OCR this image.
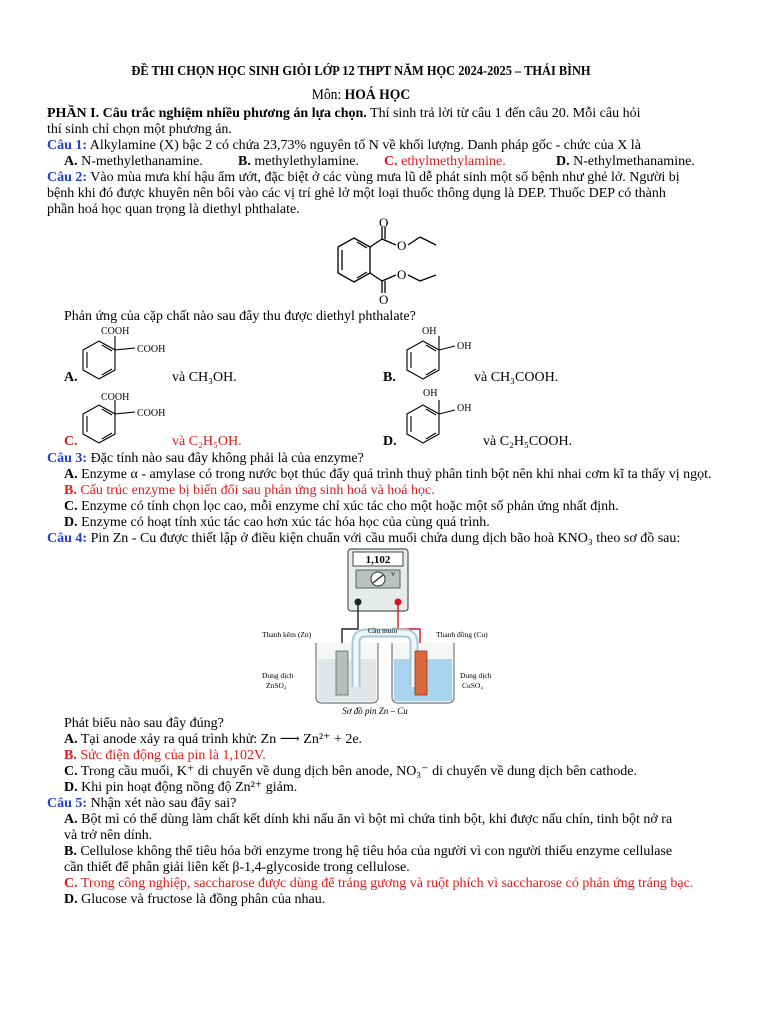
ĐỀ THI CHỌN HỌC SINH GIỎI LỚP 12 THPT NĂM HỌC 2024-2025 – THÁI BÌNH
Môn: HOÁ HỌC
PHẦN I. Câu trắc nghiệm nhiều phương án lựa chọn. Thí sinh trả lời từ câu 1 đến câu 20. Mỗi câu hỏi
thí sinh chỉ chọn một phương án.
Câu 1: Alkylamine (X) bậc 2 có chứa 23,73% nguyên tố N về khối lượng. Danh pháp gốc - chức của X là
A. N-methylethanamine.	B. methylethylamine. C. ethylmethylamine.	D. N-ethylmethanamine.
Câu 2: Vào mùa mưa khí hậu ẩm ướt, đặc biệt ở các vùng mưa lũ dễ phát sinh một số bệnh như ghẻ lở. Người bị
bệnh khi đó được khuyên nên bôi vào các vị trí ghẻ lở một loại thuốc thông dụng là DEP. Thuốc DEP có thành
phần hoá học quan trọng là diethyl phthalate.
O
O
O
O
Phản ứng của cặp chất nào sau đây thu được diethyl phthalate?
COOH
COOH
A.	và CH₃OH.
OH
OH
B.	và CH₃COOH.
COOH
COOH
C.	và C₂H₅OH.
OH
OH
D.	và C₂H₅COOH.
Câu 3: Đặc tính nào sau đây không phải là của enzyme?
A. Enzyme α - amylase có trong nước bọt thúc đẩy quá trình thuỷ phân tinh bột nên khi nhai cơm kĩ ta thấy vị ngọt.
B. Cấu trúc enzyme bị biến đổi sau phản ứng sinh hoá và hoá học.
C. Enzyme có tính chọn lọc cao, mỗi enzyme chỉ xúc tác cho một hoặc một số phản ứng nhất định.
D. Enzyme có hoạt tính xúc tác cao hơn xúc tác hóa học của cùng quá trình.
Câu 4: Pin Zn - Cu được thiết lập ở điều kiện chuẩn với cầu muối chứa dung dịch bão hoà KNO₃ theo sơ đồ sau:
1,102
V
Thanh kẽm (Zn)	Cầu muối	Thanh đồng (Cu)
Dung dịch
ZnSO₄
Dung dịch
CuSO₄
Sơ đồ pin Zn – Cu
Phát biểu nào sau đây đúng?
A. Tại anode xảy ra quá trình khử: Zn ⟶ Zn²⁺ + 2e.
B. Sức điện động của pin là 1,102V.
C. Trong cầu muối, K⁺ di chuyển về dung dịch bên anode, NO₃⁻ di chuyển về dung dịch bên cathode.
D. Khi pin hoạt động nồng độ Zn²⁺ giảm.
Câu 5: Nhận xét nào sau đây sai?
A. Bột mì có thể dùng làm chất kết dính khi nấu ăn vì bột mì chứa tinh bột, khi được nấu chín, tinh bột nở ra
và trở nên dính.
B. Cellulose không thể tiêu hóa bởi enzyme trong hệ tiêu hóa của người vì con người thiếu enzyme cellulase
cần thiết để phân giải liên kết β-1,4-glycoside trong cellulose.
C. Trong công nghiệp, saccharose được dùng để tráng gương và ruột phích vì saccharose có phản ứng tráng bạc.
D. Glucose và fructose là đồng phân của nhau.
